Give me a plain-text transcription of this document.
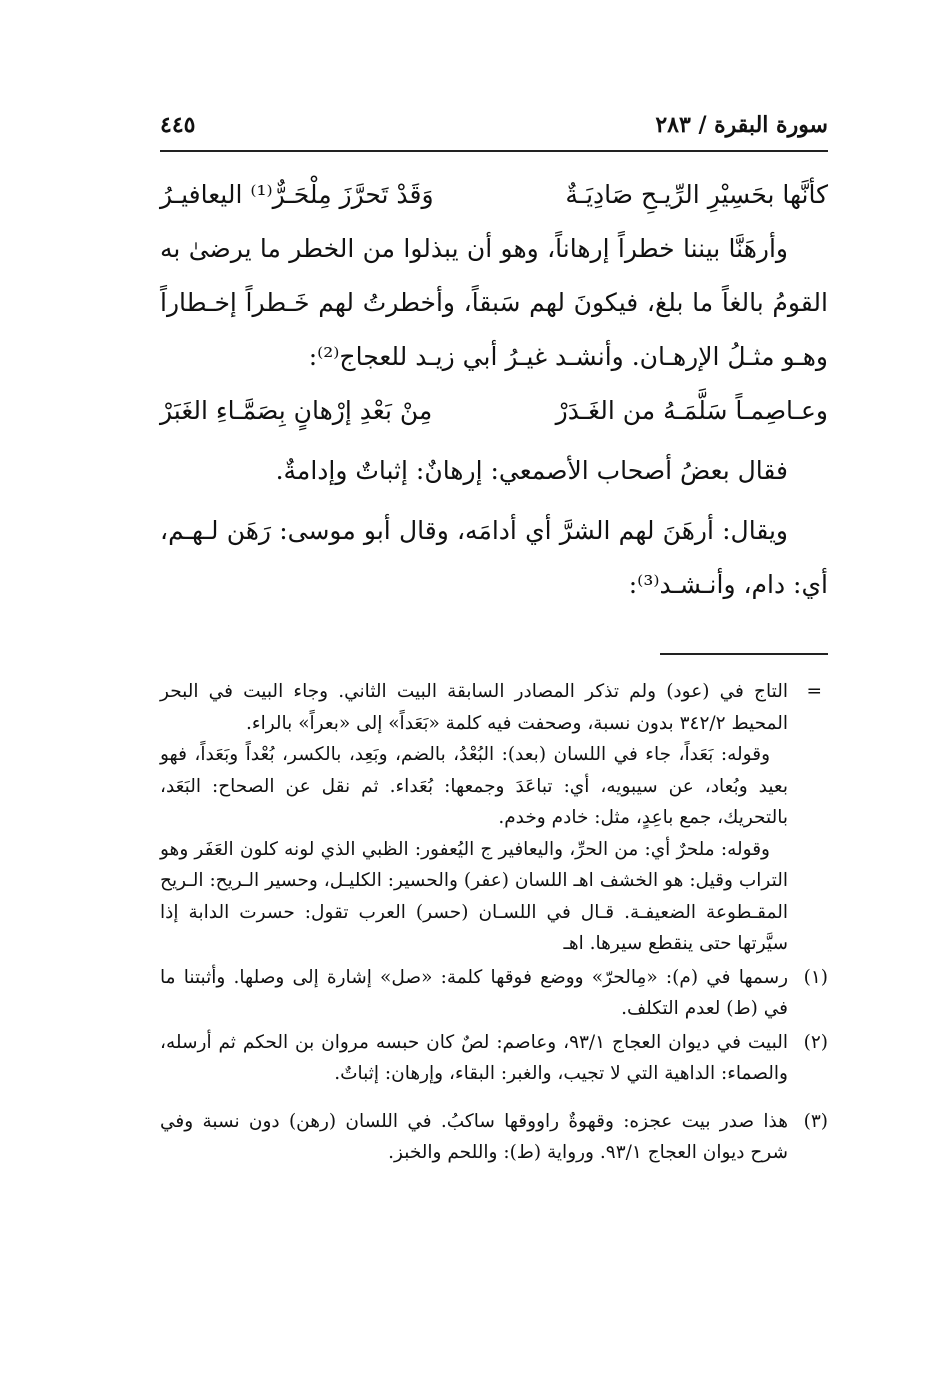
سورة البقرة / ٢٨٣
٤٤٥
كأنَّها بحَسِيْرِ الرِّيـحِ صَادِيَـةٌ
وَقَدْ تَحرَّزَ مِلْحَـرٌّ⁽¹⁾ اليعافيـرُ

وأرهَنَّا بيننا خطراً إرهاناً، وهو أن يبذلوا من الخطر ما يرضىٰ به القومُ بالغاً ما بلغ، فيكونَ لهم سَبقاً، وأخطرتُ لهم خَـطراً إخـطاراً وهـو مثـلُ الإرهـان. وأنشـد غيـرُ أبي زيـد للعجاج⁽²⁾:

وعـاصِمـاً سَلَّمَـهُ من الغَـدَرْ
مِنْ بَعْدِ إرْهانٍ بِصَمَّـاءِ الغَبَرْ

فقال بعضُ أصحاب الأصمعي: إرهانٌ: إثباتٌ وإدامةٌ.

ويقال: أرهَنَ لهم الشرَّ أي أدامَه، وقال أبو موسى: رَهَن لـهـم، أي: دام، وأنـشـد⁽³⁾:

=

التاج في (عود) ولم تذكر المصادر السابقة البيت الثاني. وجاء البيت في البحر المحيط ٣٤٢/٢ بدون نسبة، وصحفت فيه كلمة «بَعَداً» إلى «بعراً» بالراء.

وقوله: بَعَداً، جاء في اللسان (بعد): البُعْدُ، بالضم، وبَعِد، بالكسر، بُعْداً وبَعَداً، فهو بعيد وبُعاد، عن سيبويه، أي: تباعَدَ وجمعها: بُعَداء. ثم نقل عن الصحاح: البَعَد، بالتحريك، جمع باعِدٍ، مثل: خادم وخدم.

وقوله: ملحرٌ أي: من الحرِّ، واليعافير ج اليُعفور: الظبي الذي لونه كلون العَفَر وهو التراب وقيل: هو الخشف اهـ اللسان (عفر) والحسير: الكليـل، وحسير الـريح: الـريح المقـطوعة الضعيفـة. قـال في اللسـان (حسر) العرب تقول: حسرت الدابة إذا سيَّرتها حتى ينقطع سيرها. اهـ

(١)

رسمها في (م): «مِالحرّ» ووضع فوقها كلمة: «صل» إشارة إلى وصلها. وأثبتنا ما في (ط) لعدم التكلف.

(٢)

البيت في ديوان العجاج ٩٣/١، وعاصم: لصٌ كان حبسه مروان بن الحكم ثم أرسله، والصماء: الداهية التي لا تجيب، والغبر: البقاء، وإرهان: إثباتٌ.

(٣)

هذا صدر بيت عجزه: وقهوةٌ راووقها ساكبُ. في اللسان (رهن) دون نسبة وفي شرح ديوان العجاج ٩٣/١. ورواية (ط): واللحم والخبز.
